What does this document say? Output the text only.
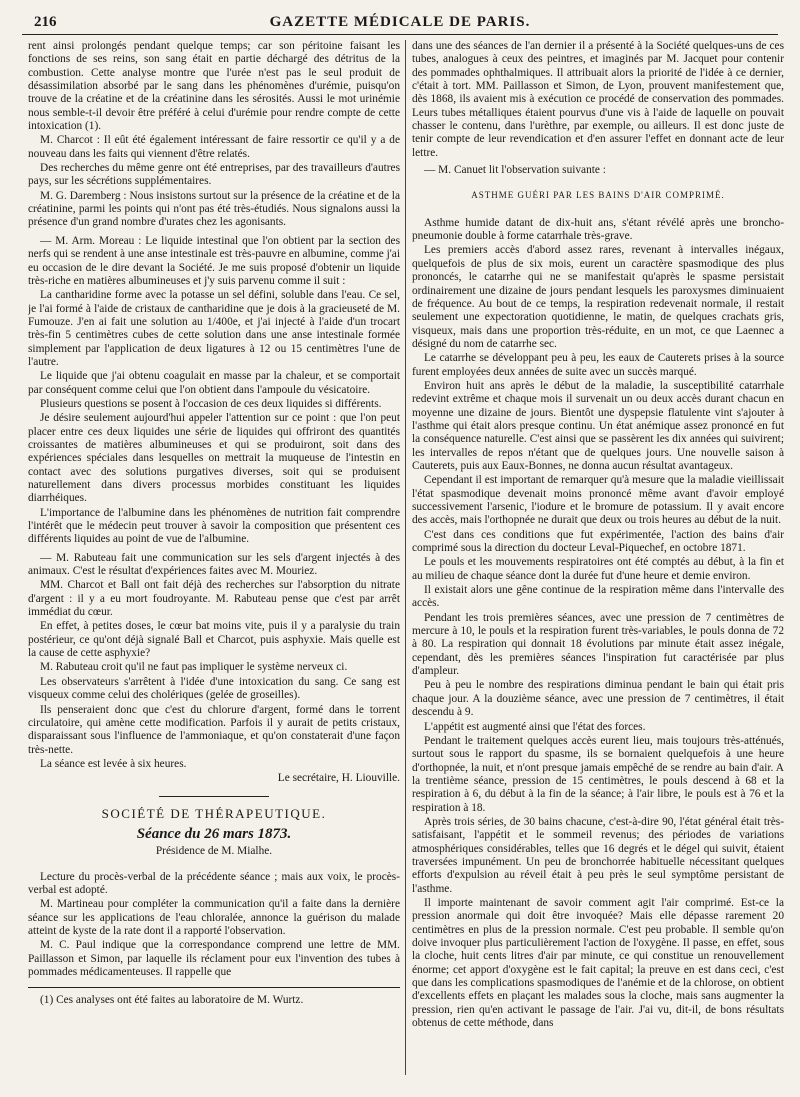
216	GAZETTE MÉDICALE DE PARIS.

rent ainsi prolongés pendant quelque temps; car son péritoine faisant les fonctions de ses reins, son sang était en partie déchargé des détritus de la combustion. Cette analyse montre que l'urée n'est pas le seul produit de désassimilation absorbé par le sang dans les phénomènes d'urémie, puisqu'on trouve de la créatine et de la créatinine dans les sérosités. Aussi le mot urinémie nous semble-t-il devoir être préféré à celui d'urémie pour rendre compte de cette intoxication (1).

M. Charcot : Il eût été également intéressant de faire ressortir ce qu'il y a de nouveau dans les faits qui viennent d'être relatés.

Des recherches du même genre ont été entreprises, par des travailleurs d'autres pays, sur les sécrétions supplémentaires.

M. G. Daremberg : Nous insistons surtout sur la présence de la créatine et de la créatinine, parmi les points qui n'ont pas été très-étudiés. Nous signalons aussi la présence d'un grand nombre d'urates chez les agonisants.

— M. Arm. Moreau : Le liquide intestinal que l'on obtient par la section des nerfs qui se rendent à une anse intestinale est très-pauvre en albumine, comme j'ai eu occasion de le dire devant la Société. Je me suis proposé d'obtenir un liquide très-riche en matières albumineuses et j'y suis parvenu comme il suit :

La cantharidine forme avec la potasse un sel défini, soluble dans l'eau. Ce sel, je l'ai formé à l'aide de cristaux de cantharidine que je dois à la gracieuseté de M. Fumouze. J'en ai fait une solution au 1/400e, et j'ai injecté à l'aide d'un trocart très-fin 5 centimètres cubes de cette solution dans une anse intestinale formée simplement par l'application de deux ligatures à 12 ou 15 centimètres l'une de l'autre.

Le liquide que j'ai obtenu coagulait en masse par la chaleur, et se comportait par conséquent comme celui que l'on obtient dans l'ampoule du vésicatoire.

Plusieurs questions se posent à l'occasion de ces deux liquides si différents.

Je désire seulement aujourd'hui appeler l'attention sur ce point : que l'on peut placer entre ces deux liquides une série de liquides qui offriront des quantités croissantes de matières albumineuses et qui se produiront, soit dans des expériences spéciales dans lesquelles on mettrait la muqueuse de l'intestin en contact avec des solutions purgatives diverses, soit qui se produisent naturellement dans divers processus morbides constituant les liquides diarrhéiques.

L'importance de l'albumine dans les phénomènes de nutrition fait comprendre l'intérêt que le médecin peut trouver à savoir la composition que présentent ces différents liquides au point de vue de l'albumine.

— M. Rabuteau fait une communication sur les sels d'argent injectés à des animaux. C'est le résultat d'expériences faites avec M. Mouriez.

MM. Charcot et Ball ont fait déjà des recherches sur l'absorption du nitrate d'argent : il y a eu mort foudroyante. M. Rabuteau pense que c'est par arrêt immédiat du cœur.

En effet, à petites doses, le cœur bat moins vite, puis il y a paralysie du train postérieur, ce qu'ont déjà signalé Ball et Charcot, puis asphyxie. Mais quelle est la cause de cette asphyxie?

M. Rabuteau croit qu'il ne faut pas impliquer le système nerveux ci.

Les observateurs s'arrêtent à l'idée d'une intoxication du sang. Ce sang est visqueux comme celui des cholériques (gelée de groseilles).

Ils penseraient donc que c'est du chlorure d'argent, formé dans le torrent circulatoire, qui amène cette modification. Parfois il y aurait de petits cristaux, disparaissant sous l'influence de l'ammoniaque, et qu'on constaterait d'une façon très-nette.

La séance est levée à six heures.

Le secrétaire, H. Liouville.

SOCIÉTÉ DE THÉRAPEUTIQUE.
Séance du 26 mars 1873.
Présidence de M. Mialhe.

Lecture du procès-verbal de la précédente séance ; mais aux voix, le procès-verbal est adopté.

M. Martineau pour compléter la communication qu'il a faite dans la dernière séance sur les applications de l'eau chloralée, annonce la guérison du malade atteint de kyste de la rate dont il a rapporté l'observation.

M. C. Paul indique que la correspondance comprend une lettre de MM. Paillasson et Simon, par laquelle ils réclament pour eux l'invention des tubes à pommades médicamenteuses. Il rappelle que

(1) Ces analyses ont été faites au laboratoire de M. Wurtz.

dans une des séances de l'an dernier il a présenté à la Société quelques-uns de ces tubes, analogues à ceux des peintres, et imaginés par M. Jacquet pour contenir des pommades ophthalmiques. Il attribuait alors la priorité de l'idée à ce dernier, c'était à tort. MM. Paillasson et Simon, de Lyon, prouvent manifestement que, dès 1868, ils avaient mis à exécution ce procédé de conservation des pommades. Leurs tubes métalliques étaient pourvus d'une vis à l'aide de laquelle on pouvait chasser le contenu, dans l'urèthre, par exemple, ou ailleurs. Il est donc juste de tenir compte de leur revendication et d'en assurer l'effet en donnant acte de leur lettre.

— M. Canuet lit l'observation suivante :

ASTHME GUÉRI PAR LES BAINS D'AIR COMPRIMÉ.

Asthme humide datant de dix-huit ans, s'étant révélé après une broncho-pneumonie double à forme catarrhale très-grave.

Les premiers accès d'abord assez rares, revenant à intervalles inégaux, quelquefois de plus de six mois, eurent un caractère spasmodique des plus prononcés, le catarrhe qui ne se manifestait qu'après le spasme persistait ordinairement une dizaine de jours pendant lesquels les paroxysmes diminuaient de fréquence. Au bout de ce temps, la respiration redevenait normale, il restait seulement une expectoration quotidienne, le matin, de quelques crachats gris, visqueux, mais dans une proportion très-réduite, en un mot, ce que Laennec a désigné du nom de catarrhe sec.

Le catarrhe se développant peu à peu, les eaux de Cauterets prises à la source furent employées deux années de suite avec un succès marqué.

Environ huit ans après le début de la maladie, la susceptibilité catarrhale redevint extrême et chaque mois il survenait un ou deux accès durant chacun en moyenne une dizaine de jours. Bientôt une dyspepsie flatulente vint s'ajouter à l'asthme qui était alors presque continu. Un état anémique assez prononcé en fut la conséquence naturelle. C'est ainsi que se passèrent les dix années qui suivirent; les intervalles de repos n'étant que de quelques jours. Une nouvelle saison à Cauterets, puis aux Eaux-Bonnes, ne donna aucun résultat avantageux.

Cependant il est important de remarquer qu'à mesure que la maladie vieillissait l'état spasmodique devenait moins prononcé même avant d'avoir employé successivement l'arsenic, l'iodure et le bromure de potassium. Il y avait encore des accès, mais l'orthopnée ne durait que deux ou trois heures au début de la nuit.

C'est dans ces conditions que fut expérimentée, l'action des bains d'air comprimé sous la direction du docteur Leval-Piquechef, en octobre 1871.

Le pouls et les mouvements respiratoires ont été comptés au début, à la fin et au milieu de chaque séance dont la durée fut d'une heure et demie environ.

Il existait alors une gêne continue de la respiration même dans l'intervalle des accès.

Pendant les trois premières séances, avec une pression de 7 centimètres de mercure à 10, le pouls et la respiration furent très-variables, le pouls donna de 72 à 80. La respiration qui donnait 18 évolutions par minute était assez inégale, cependant, dès les premières séances l'inspiration fut caractérisée par plus d'ampleur.

Peu à peu le nombre des respirations diminua pendant le bain qui était pris chaque jour. A la douzième séance, avec une pression de 7 centimètres, il était descendu à 9.

L'appétit est augmenté ainsi que l'état des forces.

Pendant le traitement quelques accès eurent lieu, mais toujours très-atténués, surtout sous le rapport du spasme, ils se bornaient quelquefois à une heure d'orthopnée, la nuit, et n'ont presque jamais empêché de se rendre au bain d'air. A la trentième séance, pression de 15 centimètres, le pouls descend à 68 et la respiration à 6, du début à la fin de la séance; à l'air libre, le pouls est à 76 et la respiration à 18.

Après trois séries, de 30 bains chacune, c'est-à-dire 90, l'état général était très-satisfaisant, l'appétit et le sommeil revenus; des périodes de variations atmosphériques considérables, telles que 16 degrés et le dégel qui suivit, étaient traversées impunément. Un peu de bronchorrée habituelle nécessitant quelques efforts d'expulsion au réveil était à peu près le seul symptôme persistant de l'asthme.

Il importe maintenant de savoir comment agit l'air comprimé. Est-ce la pression anormale qui doit être invoquée? Mais elle dépasse rarement 20 centimètres en plus de la pression normale. C'est peu probable. Il semble qu'on doive invoquer plus particulièrement l'action de l'oxygène. Il passe, en effet, sous la cloche, huit cents litres d'air par minute, ce qui constitue un renouvellement énorme; cet apport d'oxygène est le fait capital; la preuve en est dans ceci, c'est que dans les complications spasmodiques de l'anémie et de la chlorose, on obtient d'excellents effets en plaçant les malades sous la cloche, mais sans augmenter la pression, rien qu'en activant le passage de l'air. J'ai vu, dit-il, de bons résultats obtenus de cette méthode, dans
